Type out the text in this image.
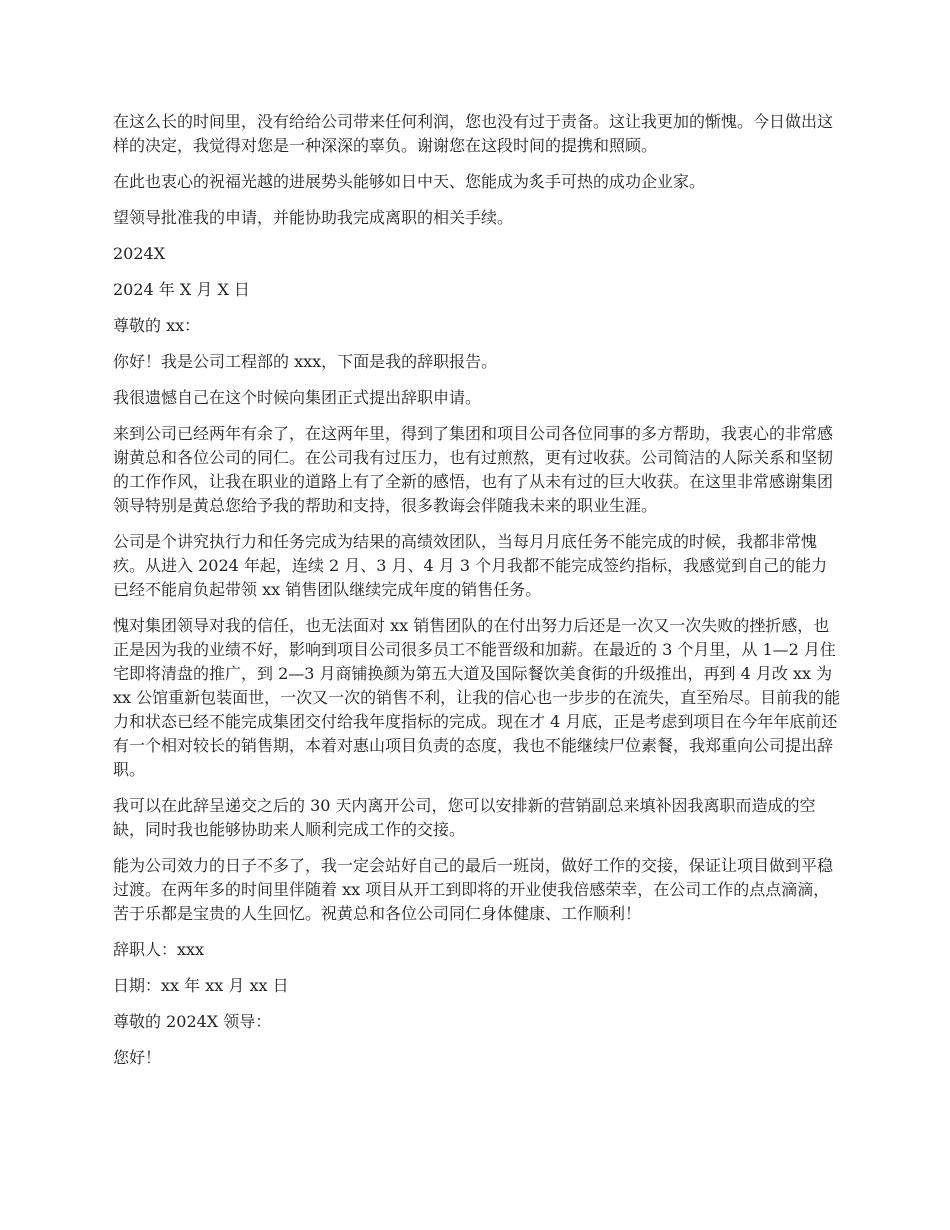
在这么长的时间里，没有给给公司带来任何利润，您也没有过于责备。这让我更加的惭愧。今日做出这样的决定，我觉得对您是一种深深的辜负。谢谢您在这段时间的提携和照顾。

在此也衷心的祝福光越的进展势头能够如日中天、您能成为炙手可热的成功企业家。

望领导批准我的申请，并能协助我完成离职的相关手续。

2024X

2024 年 X 月 X 日

尊敬的 xx：

你好！我是公司工程部的 xxx，下面是我的辞职报告。

我很遗憾自己在这个时候向集团正式提出辞职申请。

来到公司已经两年有余了，在这两年里，得到了集团和项目公司各位同事的多方帮助，我衷心的非常感谢黄总和各位公司的同仁。在公司我有过压力，也有过煎熬，更有过收获。公司简洁的人际关系和坚韧的工作作风，让我在职业的道路上有了全新的感悟，也有了从未有过的巨大收获。在这里非常感谢集团领导特别是黄总您给予我的帮助和支持，很多教诲会伴随我未来的职业生涯。

公司是个讲究执行力和任务完成为结果的高绩效团队，当每月月底任务不能完成的时候，我都非常愧疚。从进入 2024 年起，连续 2 月、3 月、4 月 3 个月我都不能完成签约指标，我感觉到自己的能力已经不能肩负起带领 xx 销售团队继续完成年度的销售任务。

愧对集团领导对我的信任，也无法面对 xx 销售团队的在付出努力后还是一次又一次失败的挫折感，也正是因为我的业绩不好，影响到项目公司很多员工不能晋级和加薪。在最近的 3 个月里，从 1—2 月住宅即将清盘的推广，到 2—3 月商铺换颜为第五大道及国际餐饮美食街的升级推出，再到 4 月改 xx 为 xx 公馆重新包装面世，一次又一次的销售不利，让我的信心也一步步的在流失，直至殆尽。目前我的能力和状态已经不能完成集团交付给我年度指标的完成。现在才 4 月底，正是考虑到项目在今年年底前还有一个相对较长的销售期，本着对惠山项目负责的态度，我也不能继续尸位素餐，我郑重向公司提出辞职。

我可以在此辞呈递交之后的 30 天内离开公司，您可以安排新的营销副总来填补因我离职而造成的空缺，同时我也能够协助来人顺利完成工作的交接。

能为公司效力的日子不多了，我一定会站好自己的最后一班岗，做好工作的交接，保证让项目做到平稳过渡。在两年多的时间里伴随着 xx 项目从开工到即将的开业使我倍感荣幸，在公司工作的点点滴滴，苦于乐都是宝贵的人生回忆。祝黄总和各位公司同仁身体健康、工作顺利！

辞职人：xxx

日期：xx 年 xx 月 xx 日

尊敬的 2024X 领导：

您好！
